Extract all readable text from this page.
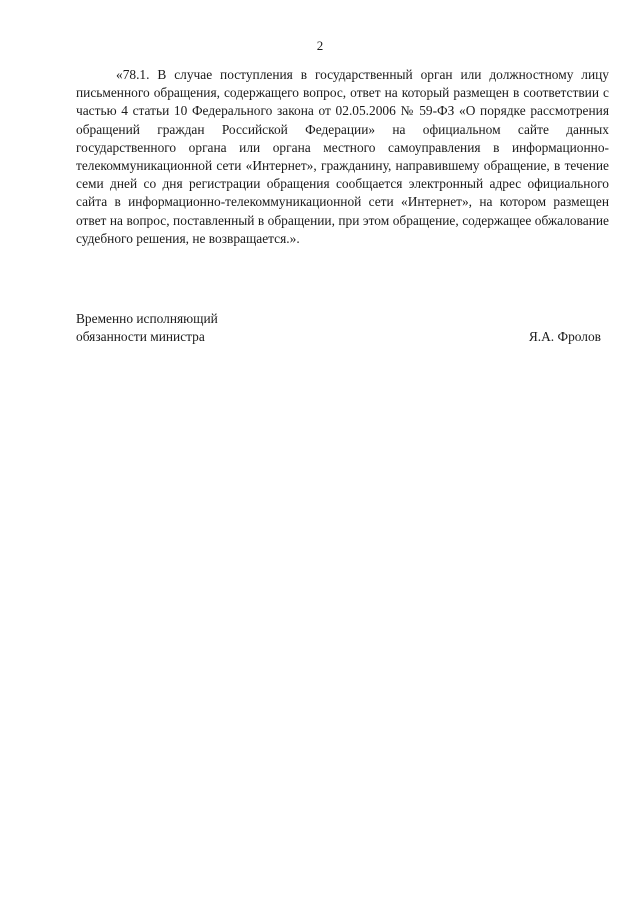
2

«78.1. В случае поступления в государственный орган или должностному лицу письменного обращения, содержащего вопрос, ответ на который размещен в соответствии с частью 4 статьи 10 Федерального закона от 02.05.2006 № 59-ФЗ «О порядке рассмотрения обращений граждан Российской Федерации» на официальном сайте данных государственного органа или органа местного самоуправления в информационно-телекоммуникационной сети «Интернет», гражданину, направившему обращение, в течение семи дней со дня регистрации обращения сообщается электронный адрес официального сайта в информационно-телекоммуникационной сети «Интернет», на котором размещен ответ на вопрос, поставленный в обращении, при этом обращение, содержащее обжалование судебного решения, не возвращается.».

Временно исполняющий
обязанности министра	Я.А. Фролов
